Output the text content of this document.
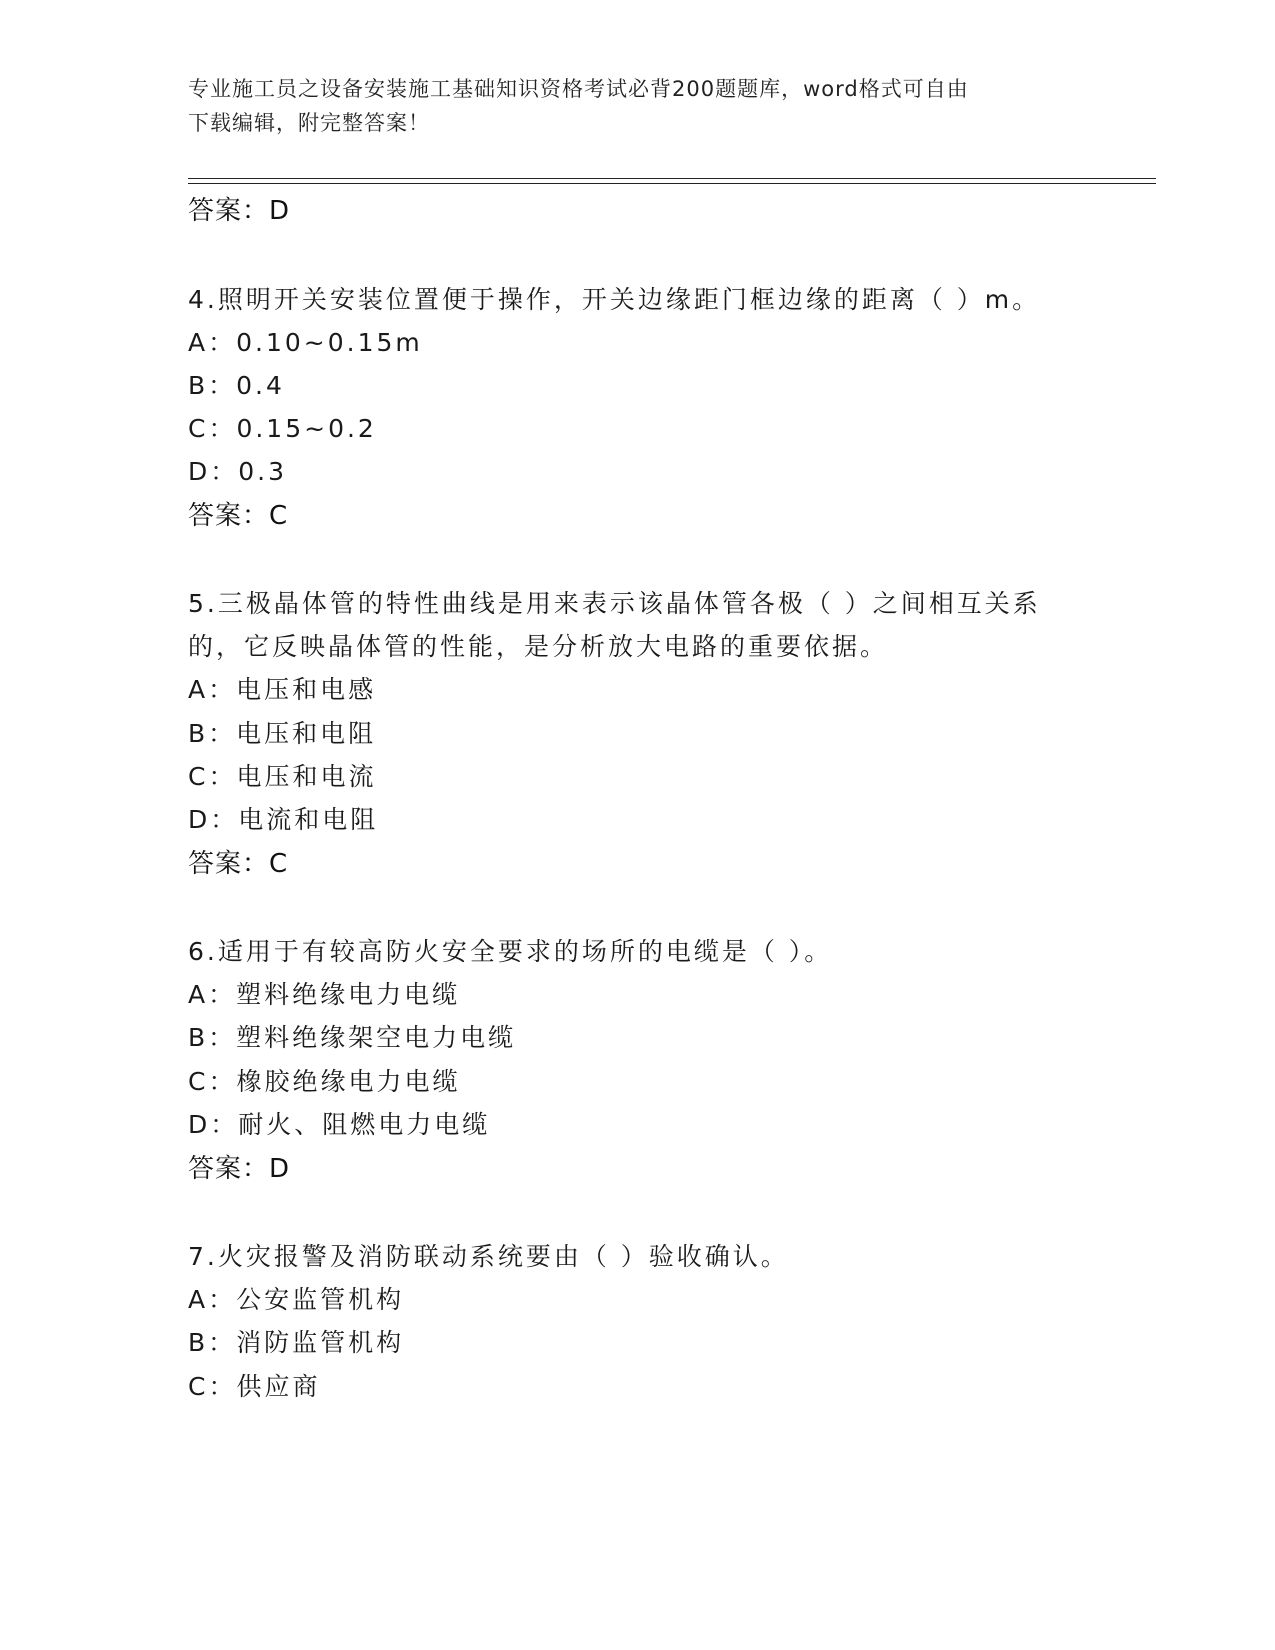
专业施工员之设备安装施工基础知识资格考试必背200题题库，word格式可自由
下载编辑，附完整答案！
答案：D
4.照明开关安装位置便于操作，开关边缘距门框边缘的距离（ ）m。
A：0.10~0.15m
B：0.4
C：0.15~0.2
D：0.3
答案：C
5.三极晶体管的特性曲线是用来表示该晶体管各极（ ）之间相互关系
的，它反映晶体管的性能，是分析放大电路的重要依据。
A：电压和电感
B：电压和电阻
C：电压和电流
D：电流和电阻
答案：C
6.适用于有较高防火安全要求的场所的电缆是（ ）。
A：塑料绝缘电力电缆
B：塑料绝缘架空电力电缆
C：橡胶绝缘电力电缆
D：耐火、阻燃电力电缆
答案：D
7.火灾报警及消防联动系统要由（ ）验收确认。
A：公安监管机构
B：消防监管机构
C：供应商
